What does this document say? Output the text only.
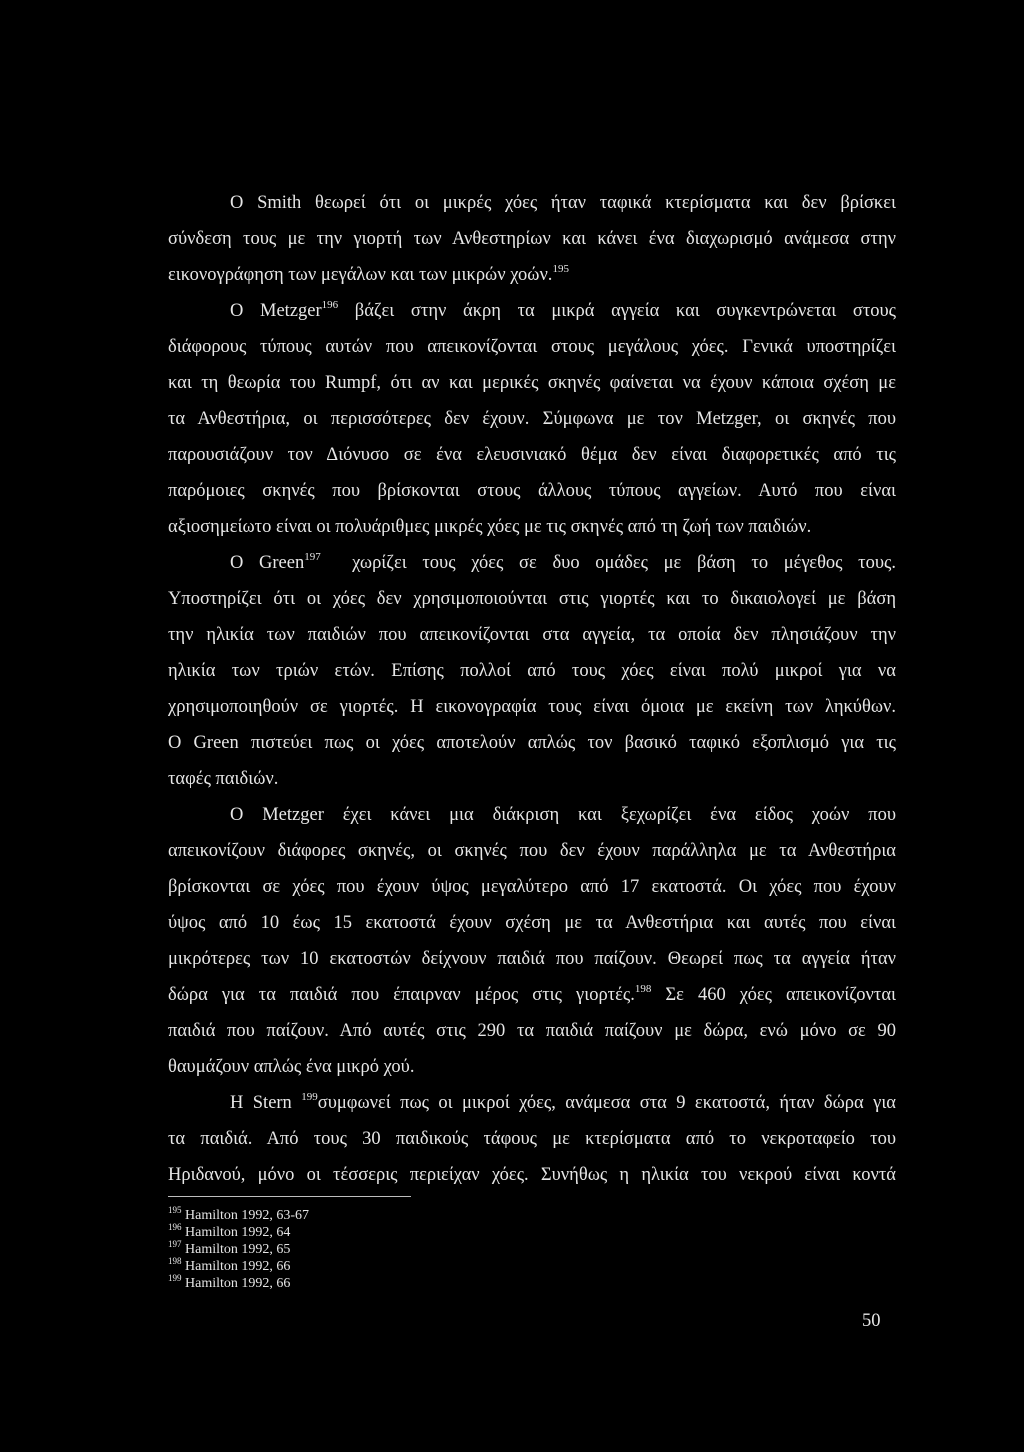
Ο Smith θεωρεί ότι οι μικρές χόες ήταν ταφικά κτερίσματα και δεν βρίσκει
σύνδεση τους με την γιορτή των Ανθεστηρίων και κάνει ένα διαχωρισμό ανάμεσα στην
εικονογράφηση των μεγάλων και των μικρών χοών.$^{195}$
Ο Metzger$^{196}$ βάζει στην άκρη τα μικρά αγγεία και συγκεντρώνεται στους
διάφορους τύπους αυτών που απεικονίζονται στους μεγάλους χόες. Γενικά υποστηρίζει
και τη θεωρία του Rumpf, ότι αν και μερικές σκηνές φαίνεται να έχουν κάποια σχέση με
τα Ανθεστήρια, οι περισσότερες δεν έχουν. Σύμφωνα με τον Metzger, οι σκηνές που
παρουσιάζουν τον Διόνυσο σε ένα ελευσινιακό θέμα δεν είναι διαφορετικές από τις
παρόμοιες σκηνές που βρίσκονται στους άλλους τύπους αγγείων. Αυτό που είναι
αξιοσημείωτο είναι οι πολυάριθμες μικρές χόες με τις σκηνές από τη ζωή των παιδιών.
Ο Green$^{197}$  χωρίζει τους χόες σε δυο ομάδες με βάση το μέγεθος τους.
Υποστηρίζει ότι οι χόες δεν χρησιμοποιούνται στις γιορτές και το δικαιολογεί με βάση
την ηλικία των παιδιών που απεικονίζονται στα αγγεία, τα οποία δεν πλησιάζουν την
ηλικία των τριών ετών. Επίσης πολλοί από τους χόες είναι πολύ μικροί για να
χρησιμοποιηθούν σε γιορτές. Η εικονογραφία τους είναι όμοια με εκείνη των ληκύθων.
Ο Green πιστεύει πως οι χόες αποτελούν απλώς τον βασικό ταφικό εξοπλισμό για τις
ταφές παιδιών.
Ο Metzger έχει κάνει μια διάκριση και ξεχωρίζει ένα είδος χοών που
απεικονίζουν διάφορες σκηνές, οι σκηνές που δεν έχουν παράλληλα με τα Ανθεστήρια
βρίσκονται σε χόες που έχουν ύψος μεγαλύτερο από 17 εκατοστά. Οι χόες που έχουν
ύψος από 10 έως 15 εκατοστά έχουν σχέση με τα Ανθεστήρια και αυτές που είναι
μικρότερες των 10 εκατοστών δείχνουν παιδιά που παίζουν. Θεωρεί πως τα αγγεία ήταν
δώρα για τα παιδιά που έπαιρναν μέρος στις γιορτές.$^{198}$ Σε 460 χόες απεικονίζονται
παιδιά που παίζουν. Από αυτές στις 290 τα παιδιά παίζουν με δώρα, ενώ μόνο σε 90
θαυμάζουν απλώς ένα μικρό χού.
Η Stern $^{199}$συμφωνεί πως οι μικροί χόες, ανάμεσα στα 9 εκατοστά, ήταν δώρα για
τα παιδιά. Από τους 30 παιδικούς τάφους με κτερίσματα από το νεκροταφείο του
Ηριδανού, μόνο οι τέσσερις περιείχαν χόες. Συνήθως η ηλικία του νεκρού είναι κοντά
$^{195}$ Hamilton 1992, 63-67
$^{196}$ Hamilton 1992, 64
$^{197}$ Hamilton 1992, 65
$^{198}$ Hamilton 1992, 66
$^{199}$ Hamilton 1992, 66
50
